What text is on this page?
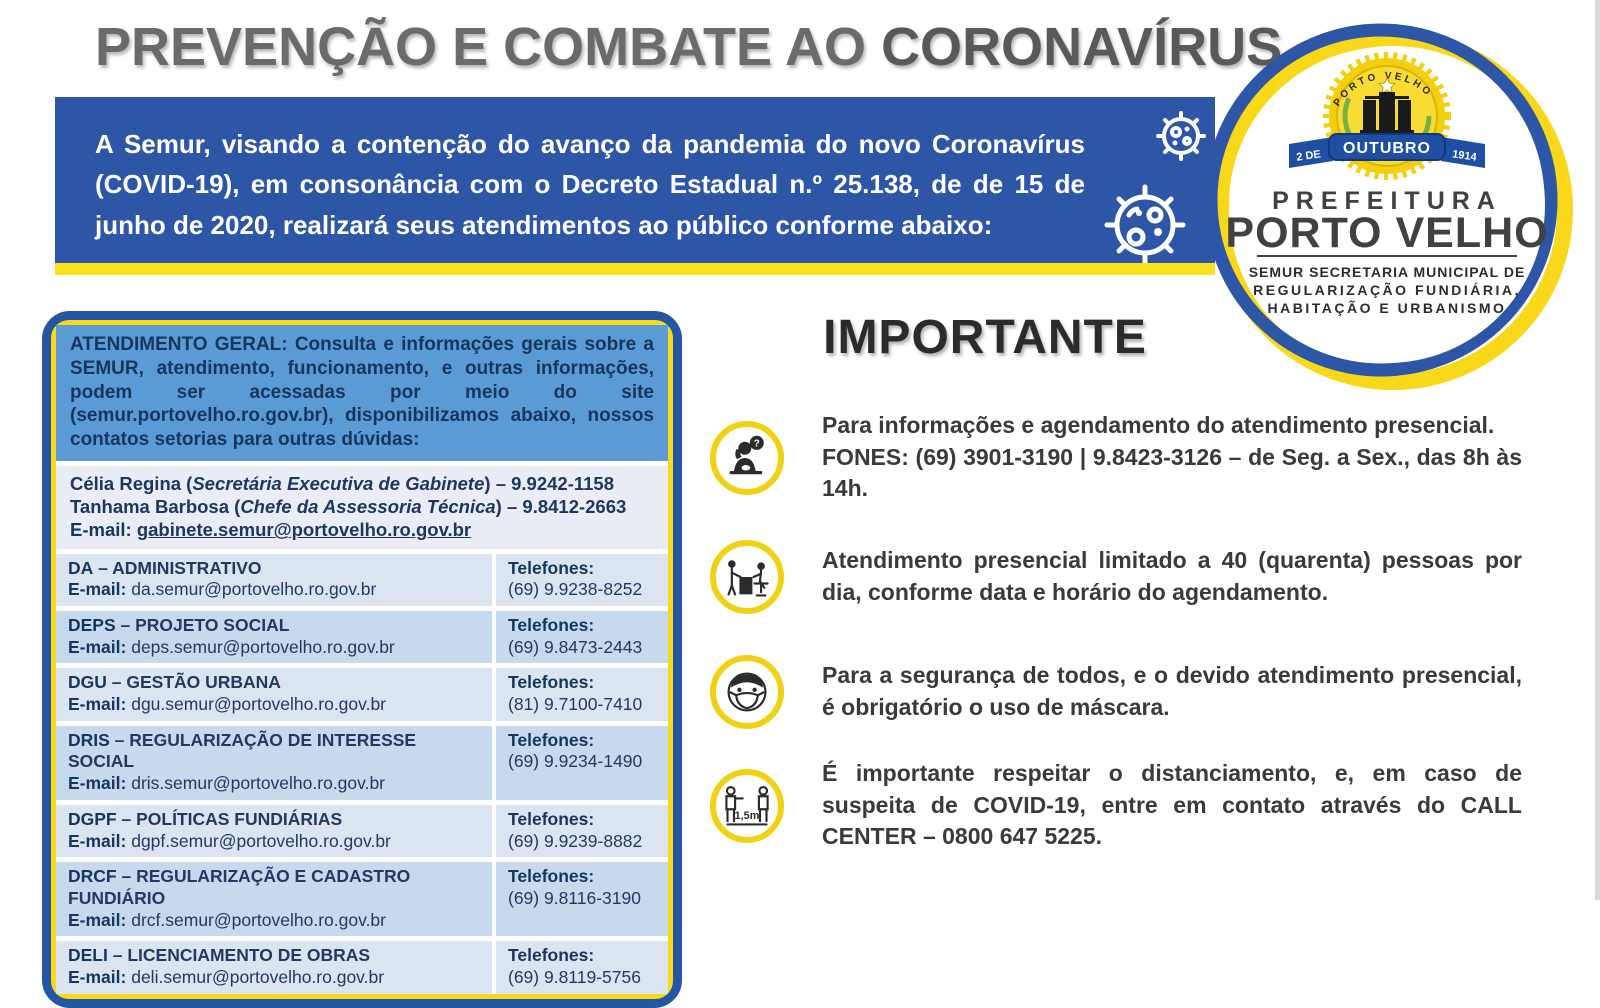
PREVENÇÃO E COMBATE AO CORONAVÍRUS
A Semur, visando a contenção do avanço da pandemia do novo Coronavírus (COVID-19), em consonância com o Decreto Estadual n.º 25.138, de de 15 de junho de 2020, realizará seus atendimentos ao público conforme abaixo:
PORTO VELHO
OUTUBRO
2 DE	1914
PREFEITURA
PORTO VELHO
SEMUR SECRETARIA MUNICIPAL DE
REGULARIZAÇÃO FUNDIÁRIA,
HABITAÇÃO E URBANISMO
ATENDIMENTO GERAL: Consulta e informações gerais sobre a SEMUR, atendimento, funcionamento, e outras informações, podem ser acessadas por meio do site (semur.portovelho.ro.gov.br), disponibilizamos abaixo, nossos contatos setorias para outras dúvidas:
Célia Regina (Secretária Executiva de Gabinete) – 9.9242-1158
Tanhama Barbosa (Chefe da Assessoria Técnica) – 9.8412-2663
E-mail: gabinete.semur@portovelho.ro.gov.br
DA – ADMINISTRATIVO
E-mail: da.semur@portovelho.ro.gov.br
Telefones:
(69) 9.9238-8252
DEPS – PROJETO SOCIAL
E-mail: deps.semur@portovelho.ro.gov.br
Telefones:
(69) 9.8473-2443
DGU – GESTÃO URBANA
E-mail: dgu.semur@portovelho.ro.gov.br
Telefones:
(81) 9.7100-7410
DRIS – REGULARIZAÇÃO DE INTERESSE SOCIAL
E-mail: dris.semur@portovelho.ro.gov.br
Telefones:
(69) 9.9234-1490
DGPF – POLÍTICAS FUNDIÁRIAS
E-mail: dgpf.semur@portovelho.ro.gov.br
Telefones:
(69) 9.9239-8882
DRCF – REGULARIZAÇÃO E CADASTRO FUNDIÁRIO
E-mail: drcf.semur@portovelho.ro.gov.br
Telefones:
(69) 9.8116-3190
DELI – LICENCIAMENTO DE OBRAS
E-mail: deli.semur@portovelho.ro.gov.br
Telefones:
(69) 9.8119-5756
IMPORTANTE
Para informações e agendamento do atendimento presencial.
FONES: (69) 3901-3190 | 9.8423-3126 – de Seg. a Sex., das 8h às 14h.
Atendimento presencial limitado a 40 (quarenta) pessoas por dia, conforme data e horário do agendamento.
Para a segurança de todos, e o devido atendimento presencial, é obrigatório o uso de máscara.
É importante respeitar o distanciamento, e, em caso de suspeita de COVID-19, entre em contato através do CALL CENTER – 0800 647 5225.
